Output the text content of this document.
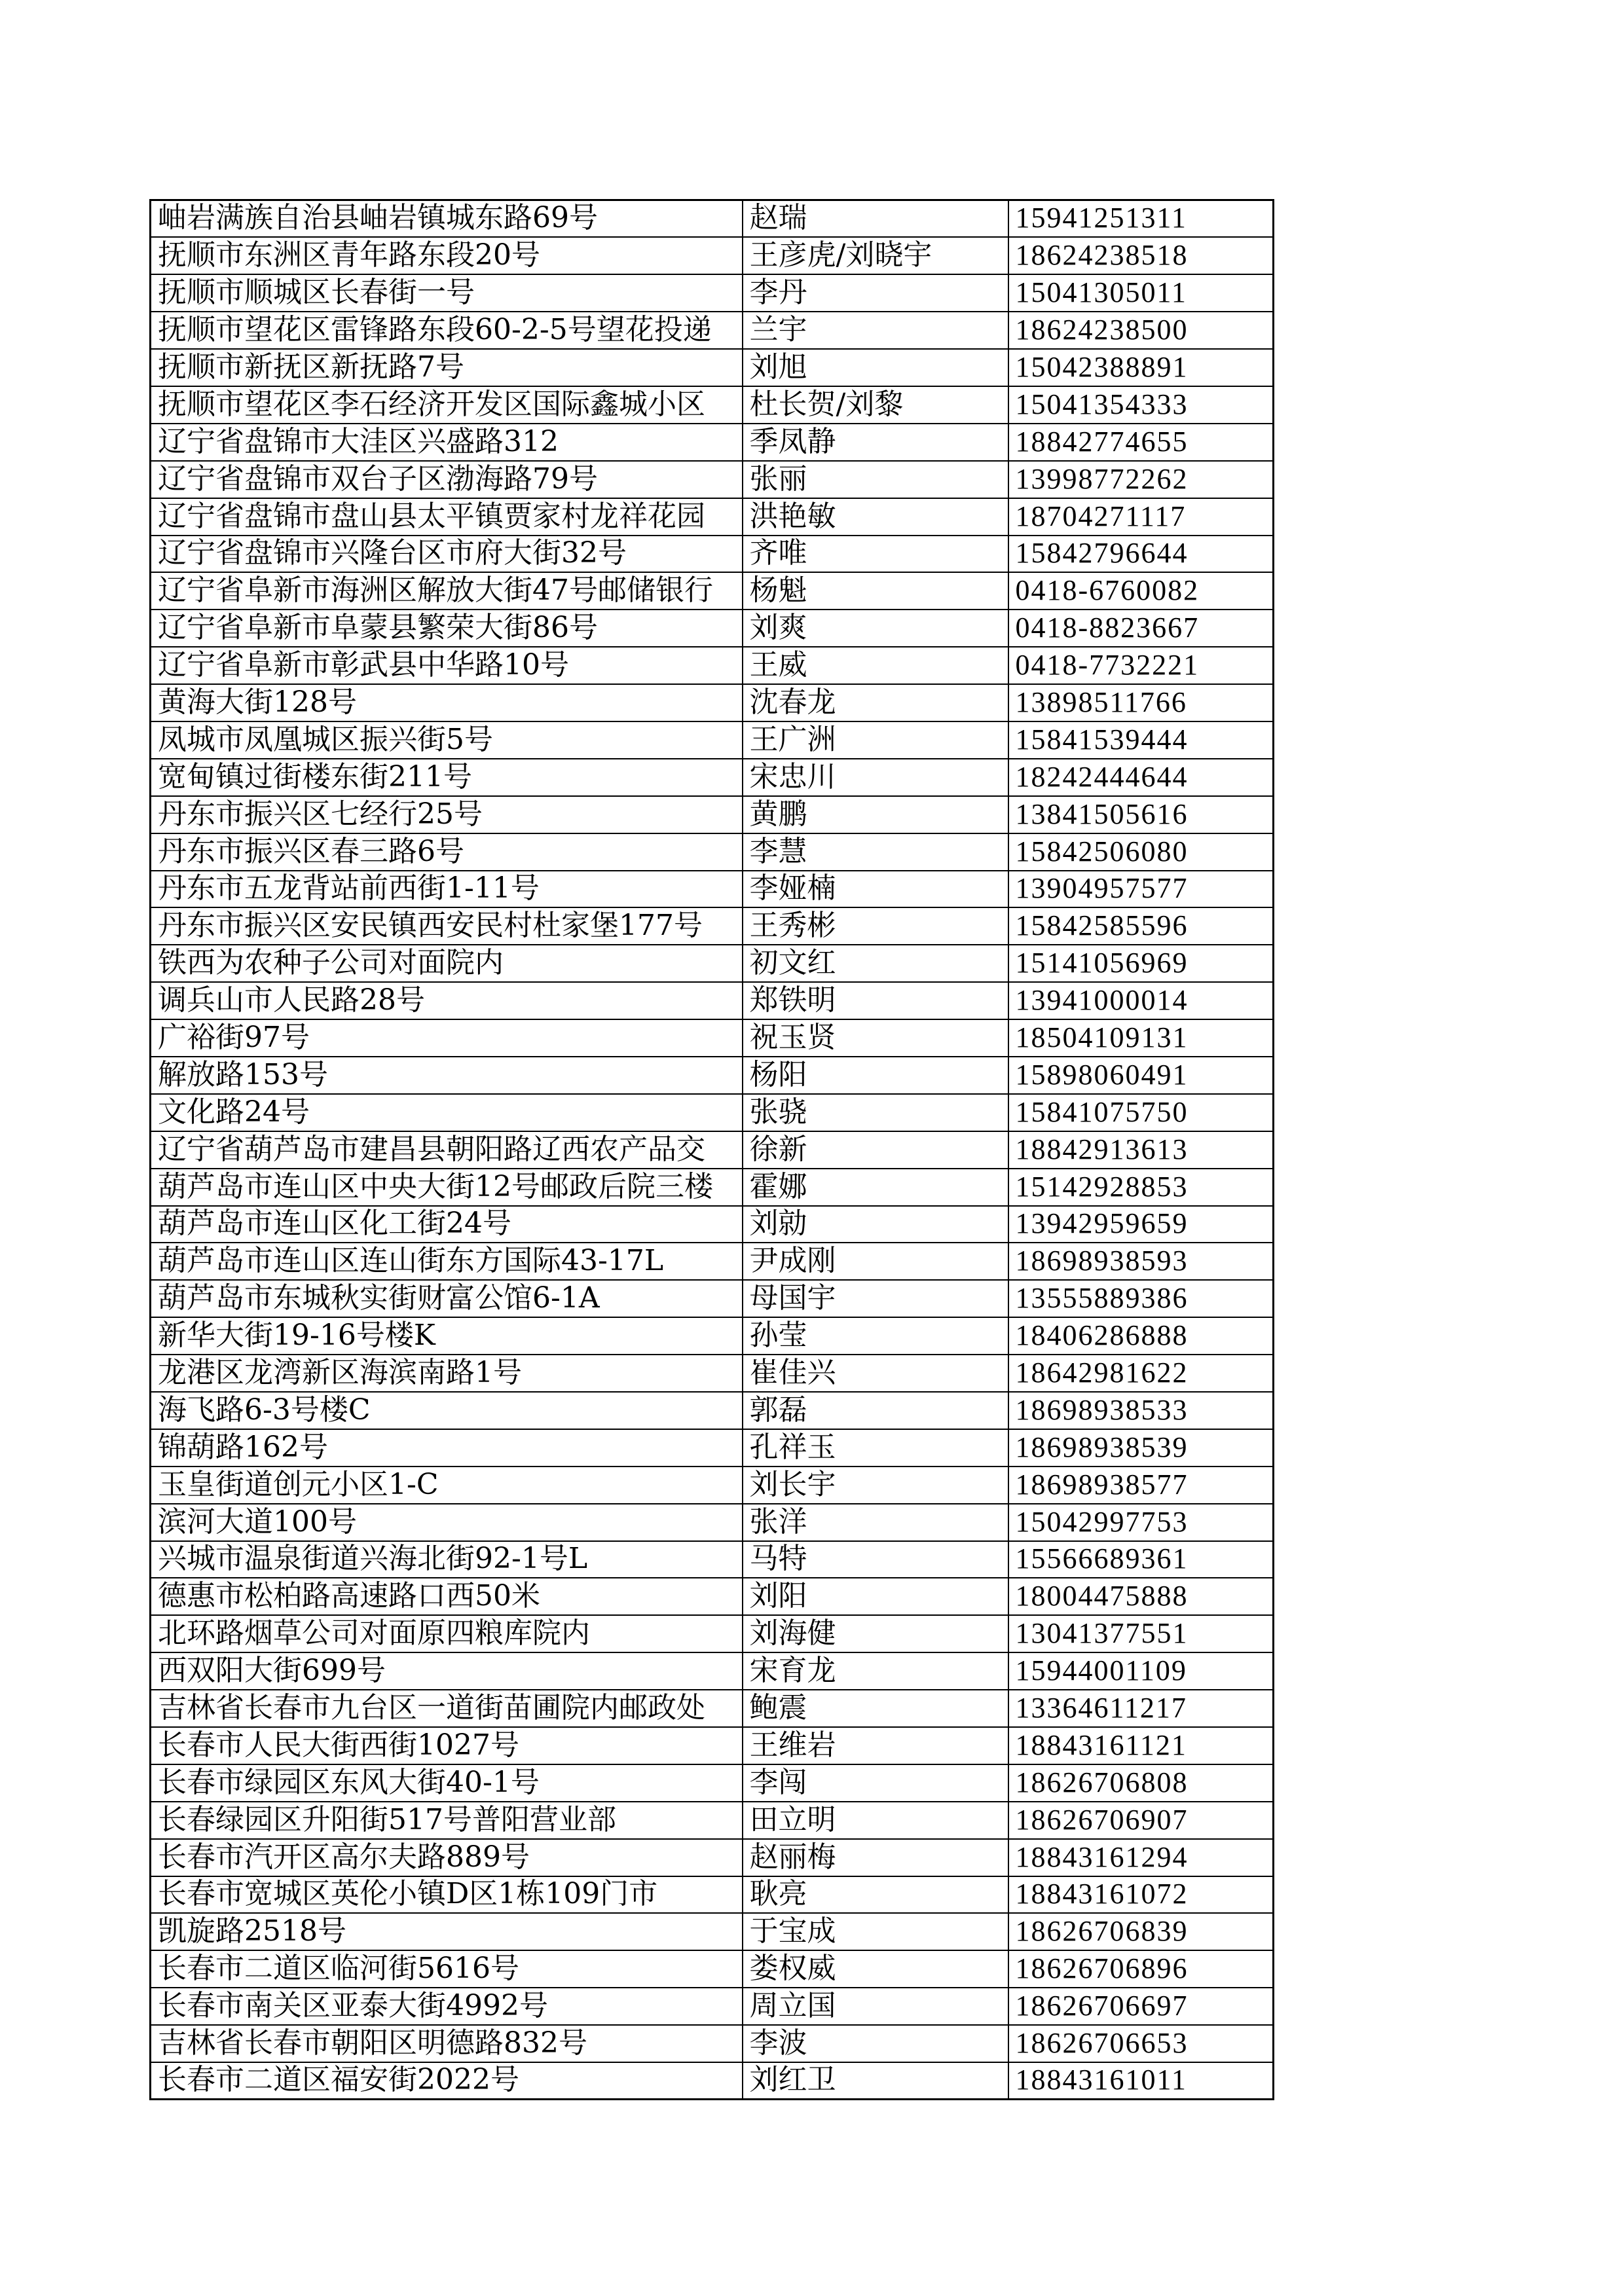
岫岩满族自治县岫岩镇城东路69号	赵瑞	15941251311
抚顺市东洲区青年路东段20号	王彦虎/刘晓宇	18624238518
抚顺市顺城区长春街一号	李丹	15041305011
抚顺市望花区雷锋路东段60-2-5号望花投递	兰宇	18624238500
抚顺市新抚区新抚路7号	刘旭	15042388891
抚顺市望花区李石经济开发区国际鑫城小区	杜长贺/刘黎	15041354333
辽宁省盘锦市大洼区兴盛路312	季凤静	18842774655
辽宁省盘锦市双台子区渤海路79号	张丽	13998772262
辽宁省盘锦市盘山县太平镇贾家村龙祥花园	洪艳敏	18704271117
辽宁省盘锦市兴隆台区市府大街32号	齐唯	15842796644
辽宁省阜新市海洲区解放大街47号邮储银行	杨魁	0418-6760082
辽宁省阜新市阜蒙县繁荣大街86号	刘爽	0418-8823667
辽宁省阜新市彰武县中华路10号	王威	0418-7732221
黄海大街128号	沈春龙	13898511766
凤城市凤凰城区振兴街5号	王广洲	15841539444
宽甸镇过街楼东街211号	宋忠川	18242444644
丹东市振兴区七经行25号	黄鹏	13841505616
丹东市振兴区春三路6号	李慧	15842506080
丹东市五龙背站前西街1-11号	李娅楠	13904957577
丹东市振兴区安民镇西安民村杜家堡177号	王秀彬	15842585596
铁西为农种子公司对面院内	初文红	15141056969
调兵山市人民路28号	郑铁明	13941000014
广裕街97号	祝玉贤	18504109131
解放路153号	杨阳	15898060491
文化路24号	张骁	15841075750
辽宁省葫芦岛市建昌县朝阳路辽西农产品交	徐新	18842913613
葫芦岛市连山区中央大街12号邮政后院三楼	霍娜	15142928853
葫芦岛市连山区化工街24号	刘勍	13942959659
葫芦岛市连山区连山街东方国际43-17L	尹成刚	18698938593
葫芦岛市东城秋实街财富公馆6-1A	母国宇	13555889386
新华大街19-16号楼K	孙莹	18406286888
龙港区龙湾新区海滨南路1号	崔佳兴	18642981622
海飞路6-3号楼C	郭磊	18698938533
锦葫路162号	孔祥玉	18698938539
玉皇街道创元小区1-C	刘长宇	18698938577
滨河大道100号	张洋	15042997753
兴城市温泉街道兴海北街92-1号L	马特	15566689361
德惠市松柏路高速路口西50米	刘阳	18004475888
北环路烟草公司对面原四粮库院内	刘海健	13041377551
西双阳大街699号	宋育龙	15944001109
吉林省长春市九台区一道街苗圃院内邮政处	鲍震	13364611217
长春市人民大街西街1027号	王维岩	18843161121
长春市绿园区东风大街40-1号	李闯	18626706808
长春绿园区升阳街517号普阳营业部	田立明	18626706907
长春市汽开区高尔夫路889号	赵丽梅	18843161294
长春市宽城区英伦小镇D区1栋109门市	耿亮	18843161072
凯旋路2518号	于宝成	18626706839
长春市二道区临河街5616号	娄权威	18626706896
长春市南关区亚泰大街4992号	周立国	18626706697
吉林省长春市朝阳区明德路832号	李波	18626706653
长春市二道区福安街2022号	刘红卫	18843161011
